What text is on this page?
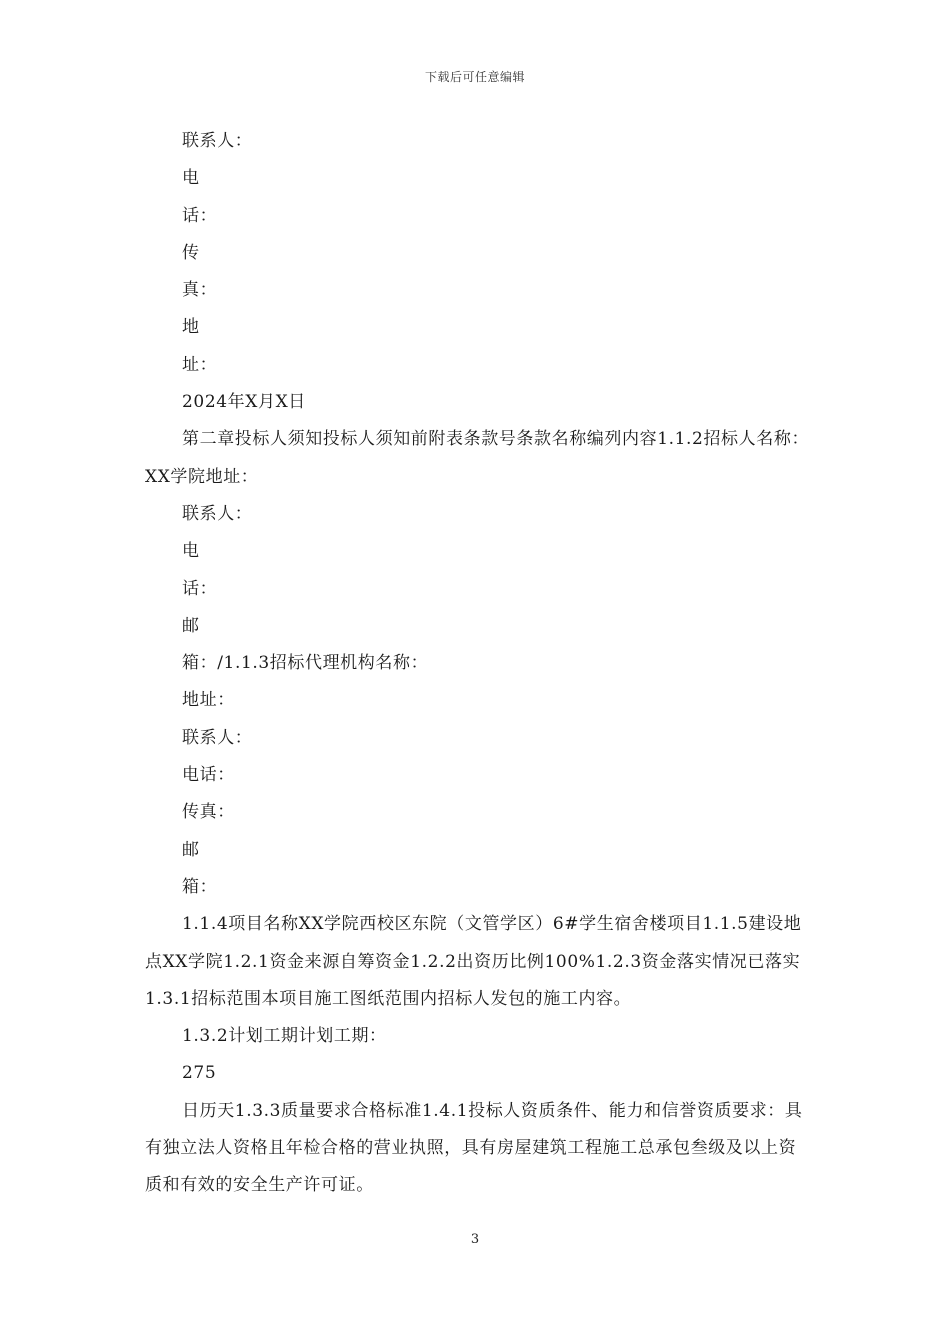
下载后可任意编辑

联系人：

电

话：

传

真：

地

址：

2024年X月X日

第二章投标人须知投标人须知前附表条款号条款名称编列内容1.1.2招标人名称：XX学院地址：

联系人：

电

话：

邮

箱：/1.1.3招标代理机构名称：

地址：

联系人：

电话：

传真：

邮

箱：

1.1.4项目名称XX学院西校区东院（文管学区）6#学生宿舍楼项目1.1.5建设地点XX学院1.2.1资金来源自筹资金1.2.2出资历比例100%1.2.3资金落实情况已落实1.3.1招标范围本项目施工图纸范围内招标人发包的施工内容。

1.3.2计划工期计划工期：

275

日历天1.3.3质量要求合格标准1.4.1投标人资质条件、能力和信誉资质要求：具有独立法人资格且年检合格的营业执照，具有房屋建筑工程施工总承包叁级及以上资质和有效的安全生产许可证。

3
